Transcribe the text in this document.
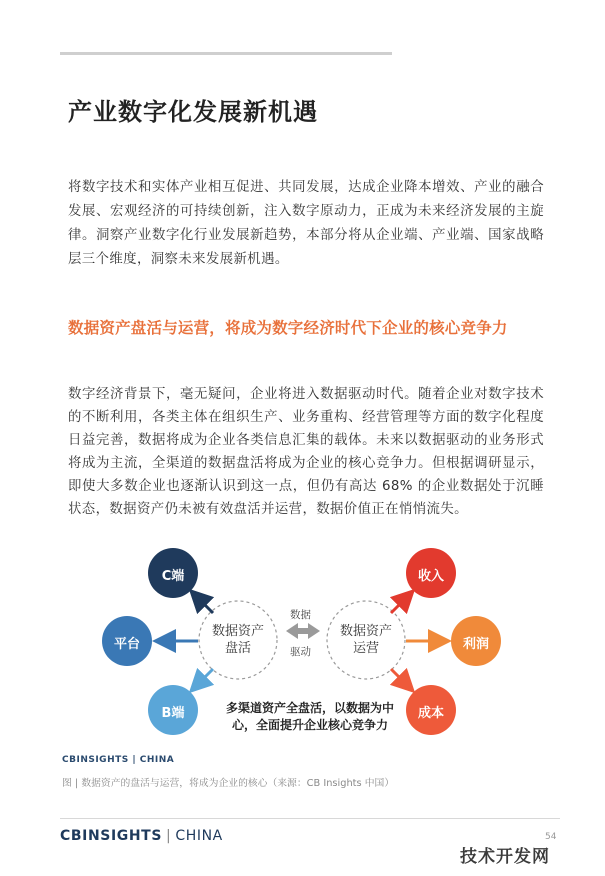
产业数字化发展新机遇

将数字技术和实体产业相互促进、共同发展，达成企业降本增效、产业的融合发展、宏观经济的可持续创新，注入数字原动力，正成为未来经济发展的主旋律。洞察产业数字化行业发展新趋势，本部分将从企业端、产业端、国家战略层三个维度，洞察未来发展新机遇。

数据资产盘活与运营，将成为数字经济时代下企业的核心竞争力

数字经济背景下，毫无疑问，企业将进入数据驱动时代。随着企业对数字技术的不断利用，各类主体在组织生产、业务重构、经营管理等方面的数字化程度日益完善，数据将成为企业各类信息汇集的载体。未来以数据驱动的业务形式将成为主流，全渠道的数据盘活将成为企业的核心竞争力。但根据调研显示，即使大多数企业也逐渐认识到这一点，但仍有高达 68% 的企业数据处于沉睡状态，数据资产仍未被有效盘活并运营，数据价值正在悄悄流失。

数据资产
盘活
数据资产
运营
数据
驱动
C端
平台
B端
收入
利润
成本
多渠道资产全盘活，以数据为中
心，全面提升企业核心竞争力
CBINSIGHTS | CHINA
图 | 数据资产的盘活与运营，将成为企业的核心（来源：CB Insights 中国）
CBINSIGHTS | CHINA	54
技术开发网
